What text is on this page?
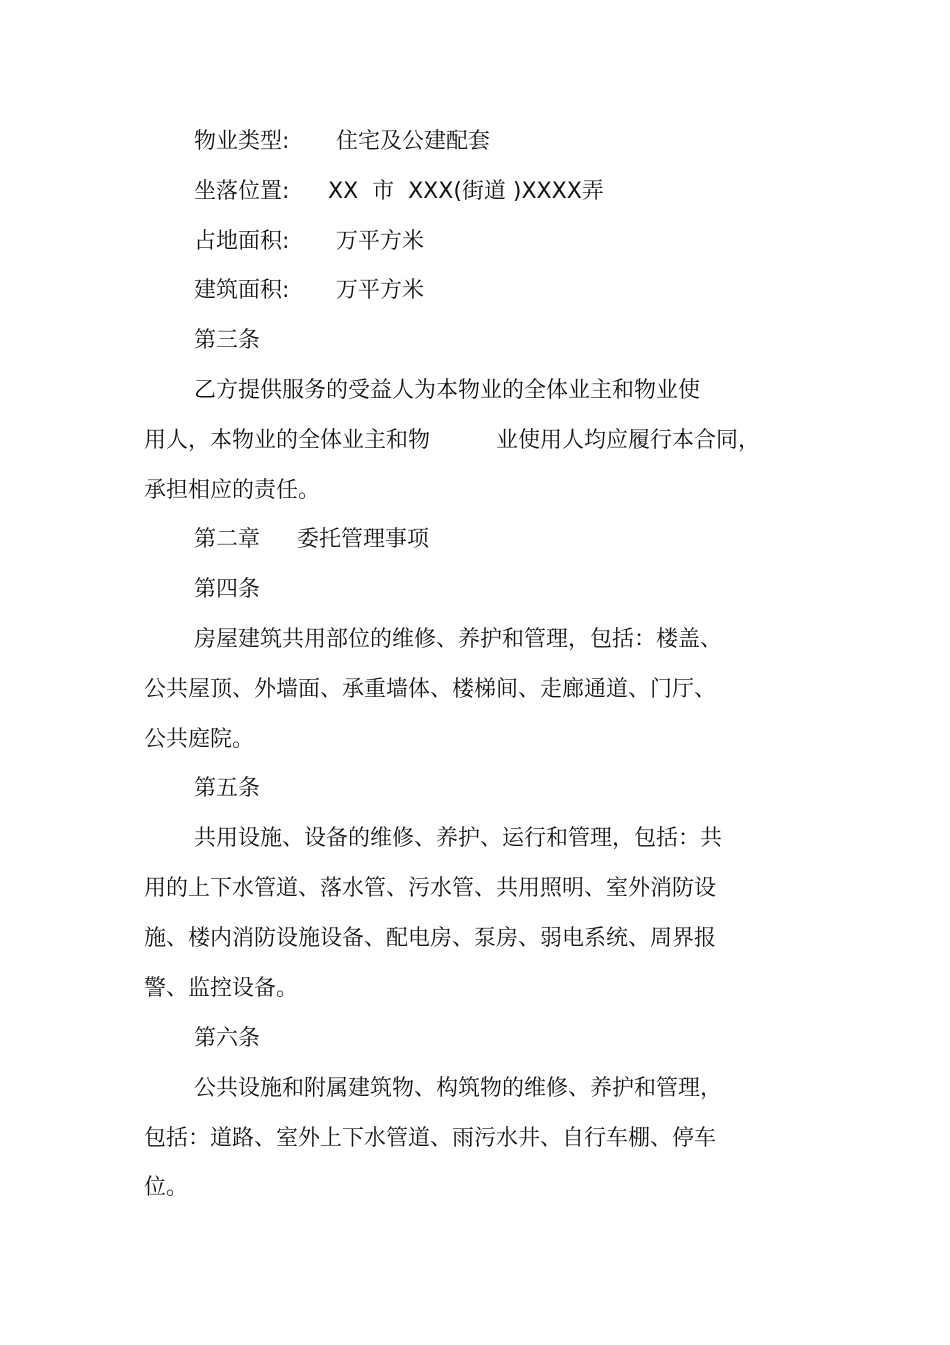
物业类型: 住宅及公建配套
坐落位置: XX  市  XXX(街道 )XXXX弄
占地面积: 万平方米
建筑面积: 万平方米
第三条
乙方提供服务的受益人为本物业的全体业主和物业使
用人，本物业的全体业主和物	业使用人均应履行本合同，
承担相应的责任。
第二章 委托管理事项
第四条
房屋建筑共用部位的维修、养护和管理，包括：楼盖、
公共屋顶、外墙面、承重墙体、楼梯间、走廊通道、门厅、
公共庭院。
第五条
共用设施、设备的维修、养护、运行和管理，包括：共
用的上下水管道、落水管、污水管、共用照明、室外消防设
施、楼内消防设施设备、配电房、泵房、弱电系统、周界报
警、监控设备。
第六条
公共设施和附属建筑物、构筑物的维修、养护和管理，
包括：道路、室外上下水管道、雨污水井、自行车棚、停车
位。
